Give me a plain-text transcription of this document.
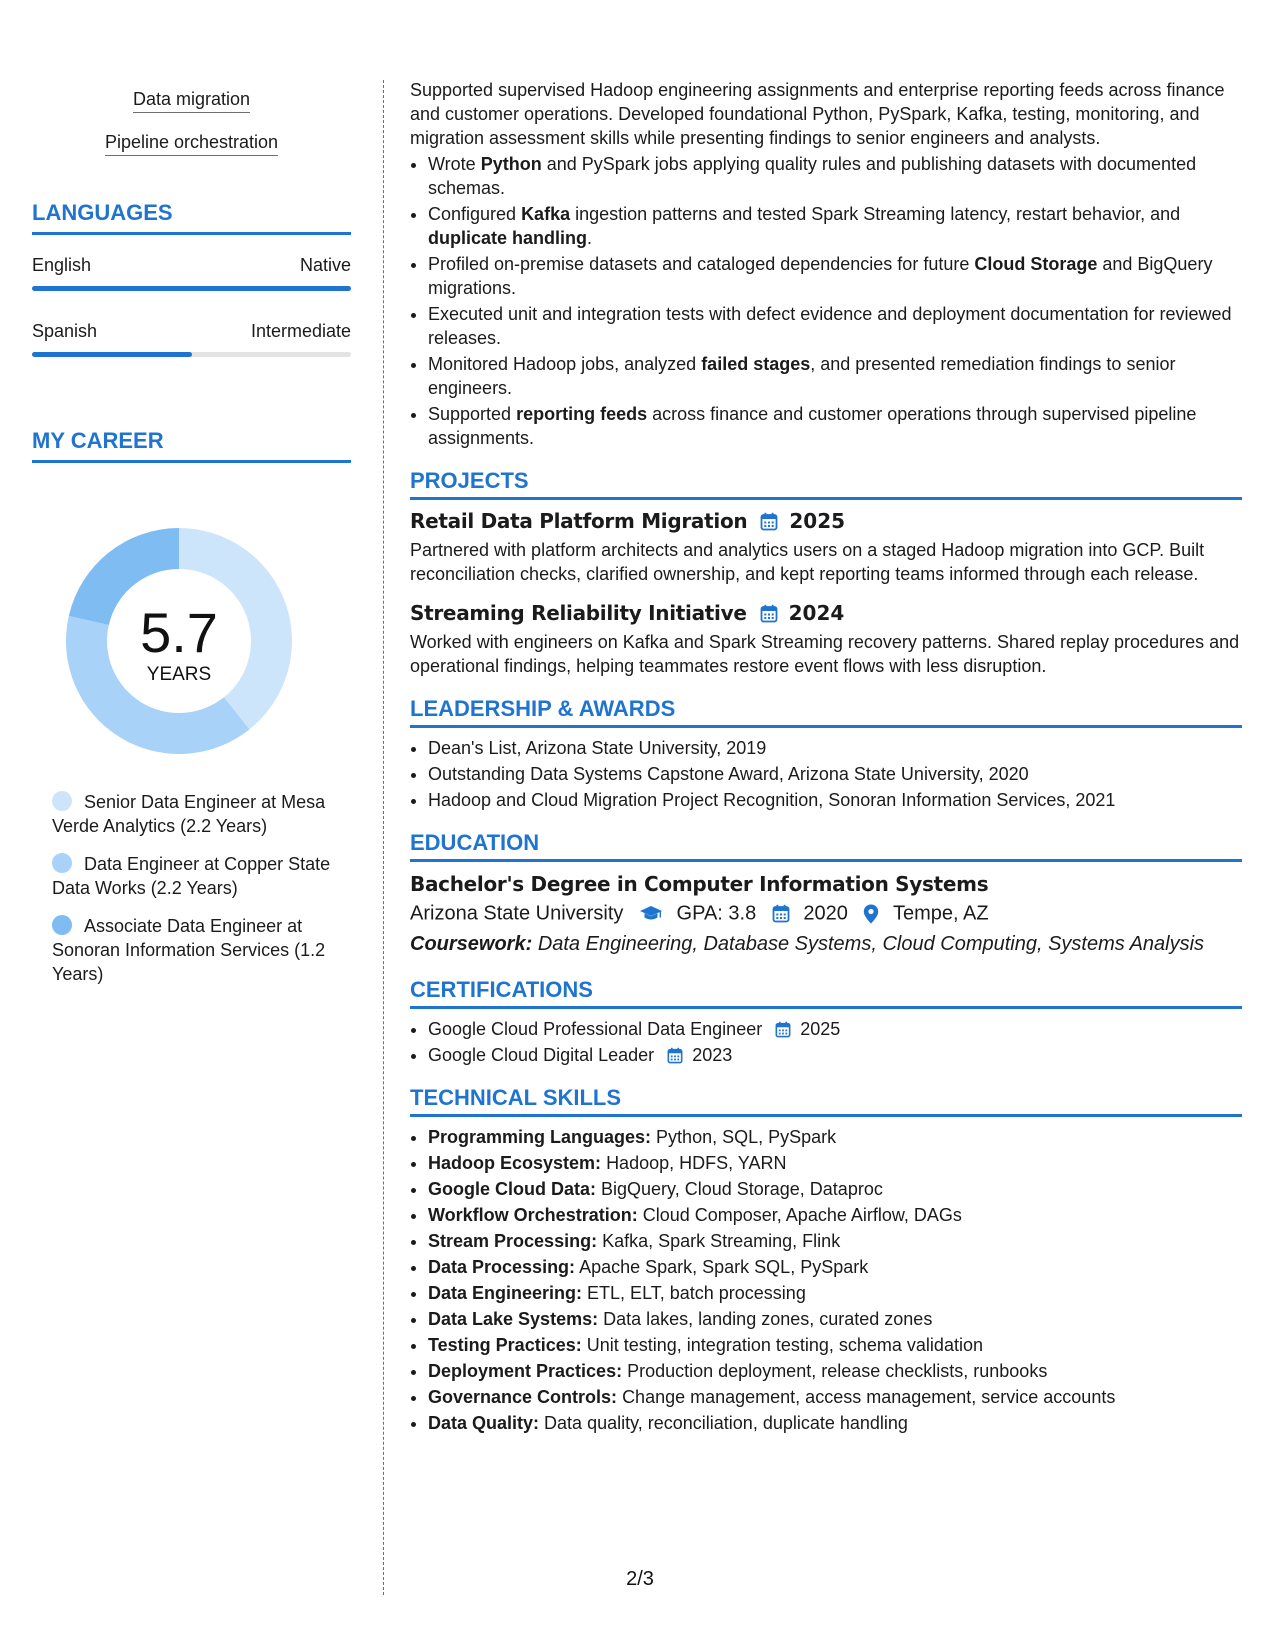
Data migration
Pipeline orchestration
LANGUAGES
English	Native
Spanish	Intermediate
MY CAREER
5.7
YEARS
Senior Data Engineer at Mesa Verde Analytics (2.2 Years)
Data Engineer at Copper State Data Works (2.2 Years)
Associate Data Engineer at Sonoran Information Services (1.2 Years)

Supported supervised Hadoop engineering assignments and enterprise reporting feeds across finance and customer operations. Developed foundational Python, PySpark, Kafka, testing, monitoring, and migration assessment skills while presenting findings to senior engineers and analysts.

• Wrote Python and PySpark jobs applying quality rules and publishing datasets with documented schemas.
• Configured Kafka ingestion patterns and tested Spark Streaming latency, restart behavior, and duplicate handling.
• Profiled on-premise datasets and cataloged dependencies for future Cloud Storage and BigQuery migrations.
• Executed unit and integration tests with defect evidence and deployment documentation for reviewed releases.
• Monitored Hadoop jobs, analyzed failed stages, and presented remediation findings to senior engineers.
• Supported reporting feeds across finance and customer operations through supervised pipeline assignments.
PROJECTS
Retail Data Platform Migration 2025

Partnered with platform architects and analytics users on a staged Hadoop migration into GCP. Built reconciliation checks, clarified ownership, and kept reporting teams informed through each release.

Streaming Reliability Initiative 2024

Worked with engineers on Kafka and Spark Streaming recovery patterns. Shared replay procedures and operational findings, helping teammates restore event flows with less disruption.

LEADERSHIP & AWARDS
• Dean's List, Arizona State University, 2019
• Outstanding Data Systems Capstone Award, Arizona State University, 2020
• Hadoop and Cloud Migration Project Recognition, Sonoran Information Services, 2021
EDUCATION
Bachelor's Degree in Computer Information Systems
Arizona State University	GPA: 3.8 2020 Tempe, AZ
Coursework: Data Engineering, Database Systems, Cloud Computing, Systems Analysis
CERTIFICATIONS
• Google Cloud Professional Data Engineer 2025
• Google Cloud Digital Leader 2023
TECHNICAL SKILLS
• Programming Languages: Python, SQL, PySpark
• Hadoop Ecosystem: Hadoop, HDFS, YARN
• Google Cloud Data: BigQuery, Cloud Storage, Dataproc
• Workflow Orchestration: Cloud Composer, Apache Airflow, DAGs
• Stream Processing: Kafka, Spark Streaming, Flink
• Data Processing: Apache Spark, Spark SQL, PySpark
• Data Engineering: ETL, ELT, batch processing
• Data Lake Systems: Data lakes, landing zones, curated zones
• Testing Practices: Unit testing, integration testing, schema validation
• Deployment Practices: Production deployment, release checklists, runbooks
• Governance Controls: Change management, access management, service accounts
• Data Quality: Data quality, reconciliation, duplicate handling
2/3
